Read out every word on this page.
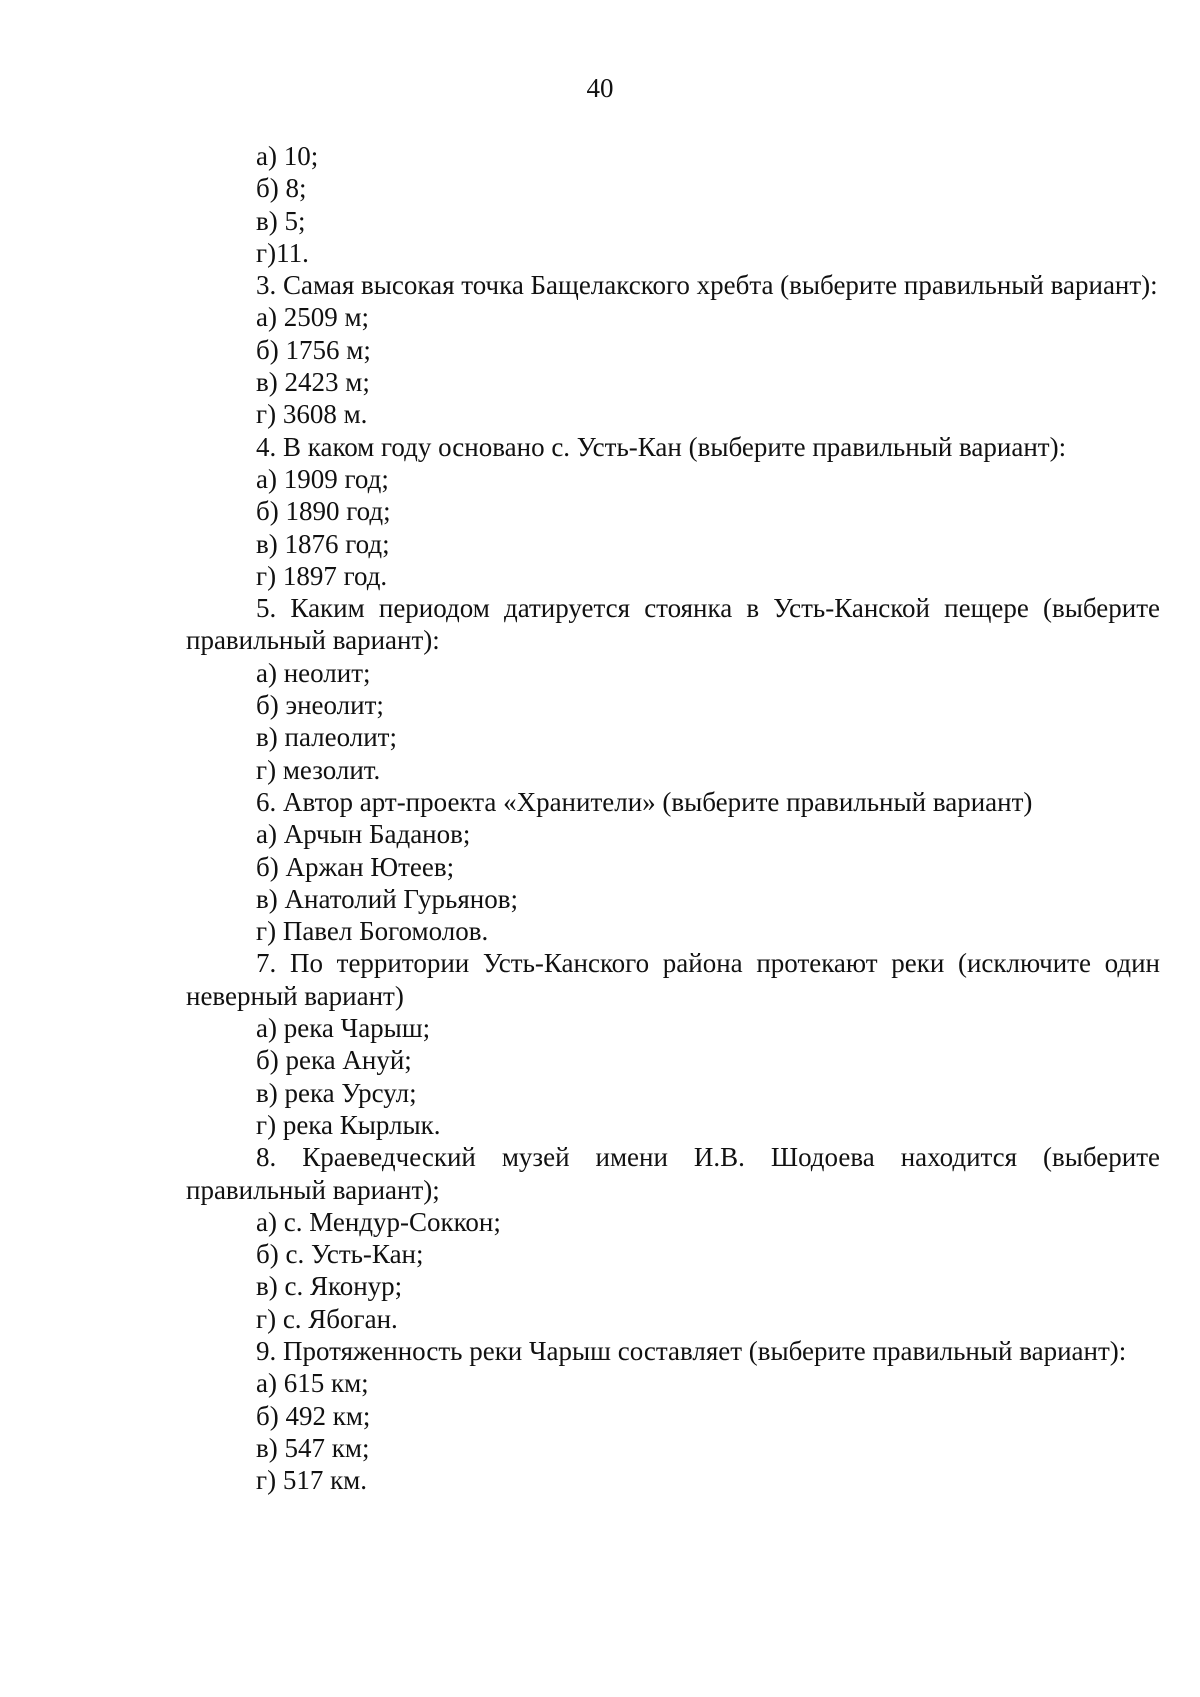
40

а) 10;

б) 8;

в) 5;

г)11.

3. Самая высокая точка Бащелакского хребта (выберите правильный вариант):

а) 2509 м;

б) 1756 м;

в) 2423 м;

г) 3608 м.

4. В каком году основано с. Усть-Кан (выберите правильный вариант):

а) 1909 год;

б) 1890 год;

в) 1876 год;

г) 1897 год.

5. Каким периодом датируется стоянка в Усть-Канской пещере (выберите правильный вариант):

а) неолит;

б) энеолит;

в) палеолит;

г) мезолит.

6. Автор арт-проекта «Хранители» (выберите правильный вариант)

а) Арчын Баданов;

б) Аржан Ютеев;

в) Анатолий Гурьянов;

г) Павел Богомолов.

7. По территории Усть-Канского района протекают реки (исключите один неверный вариант)

а) река Чарыш;

б) река Ануй;

в) река Урсул;

г) река Кырлык.

8. Краеведческий музей имени И.В. Шодоева находится (выберите правильный вариант);

а) с. Мендур-Соккон;

б) с. Усть-Кан;

в) с. Яконур;

г) с. Ябоган.

9. Протяженность реки Чарыш составляет (выберите правильный вариант):

а) 615 км;

б) 492 км;

в) 547 км;

г) 517 км.
